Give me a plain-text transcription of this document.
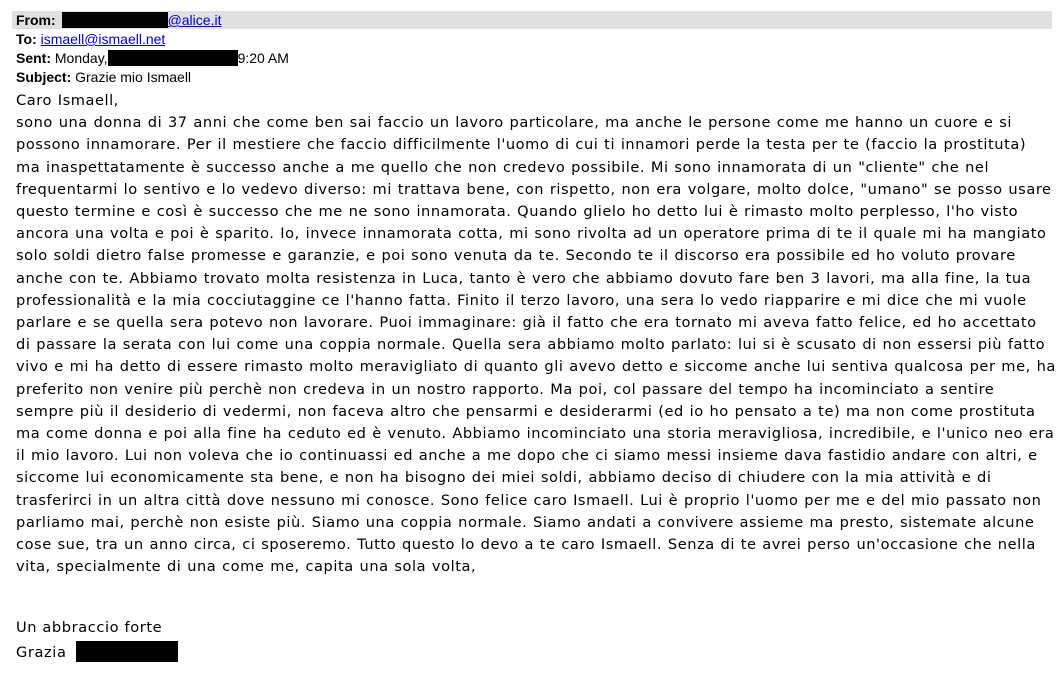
From:	@alice.it
To: ismaell@ismaell.net
Sent: Monday,	9:20 AM
Subject: Grazie mio Ismaell

Caro Ismaell,

sono una donna di 37 anni che come ben sai faccio un lavoro particolare, ma anche le persone come me hanno un cuore e si possono innamorare. Per il mestiere che faccio difficilmente l'uomo di cui ti innamori perde la testa per te (faccio la prostituta) ma inaspettatamente è successo anche a me quello che non credevo possibile. Mi sono innamorata di un "cliente" che nel frequentarmi lo sentivo e lo vedevo diverso: mi trattava bene, con rispetto, non era volgare, molto dolce, "umano" se posso usare questo termine e così è successo che me ne sono innamorata. Quando glielo ho detto lui è rimasto molto perplesso, l'ho visto ancora una volta e poi è sparito. Io, invece innamorata cotta, mi sono rivolta ad un operatore prima di te il quale mi ha mangiato solo soldi dietro false promesse e garanzie, e poi sono venuta da te. Secondo te il discorso era possibile ed ho voluto provare anche con te. Abbiamo trovato molta resistenza in Luca, tanto è vero che abbiamo dovuto fare ben 3 lavori, ma alla fine, la tua professionalità e la mia cocciutaggine ce l'hanno fatta. Finito il terzo lavoro, una sera lo vedo riapparire e mi dice che mi vuole parlare e se quella sera potevo non lavorare. Puoi immaginare: già il fatto che era tornato mi aveva fatto felice, ed ho accettato di passare la serata con lui come una coppia normale. Quella sera abbiamo molto parlato: lui si è scusato di non essersi più fatto vivo e mi ha detto di essere rimasto molto meravigliato di quanto gli avevo detto e siccome anche lui sentiva qualcosa per me, ha preferito non venire più perchè non credeva in un nostro rapporto. Ma poi, col passare del tempo ha incominciato a sentire sempre più il desiderio di vedermi, non faceva altro che pensarmi e desiderarmi (ed io ho pensato a te) ma non come prostituta ma come donna e poi alla fine ha ceduto ed è venuto. Abbiamo incominciato una storia meravigliosa, incredibile, e l'unico neo era il mio lavoro. Lui non voleva che io continuassi ed anche a me dopo che ci siamo messi insieme dava fastidio andare con altri, e siccome lui economicamente sta bene, e non ha bisogno dei miei soldi, abbiamo deciso di chiudere con la mia attività e di trasferirci in un altra città dove nessuno mi conosce. Sono felice caro Ismaell. Lui è proprio l'uomo per me e del mio passato non parliamo mai, perchè non esiste più. Siamo una coppia normale. Siamo andati a convivere assieme ma presto, sistemate alcune cose sue, tra un anno circa, ci sposeremo. Tutto questo lo devo a te caro Ismaell. Senza di te avrei perso un'occasione che nella vita, specialmente di una come me, capita una sola volta,

Un abbraccio forte
Grazia
